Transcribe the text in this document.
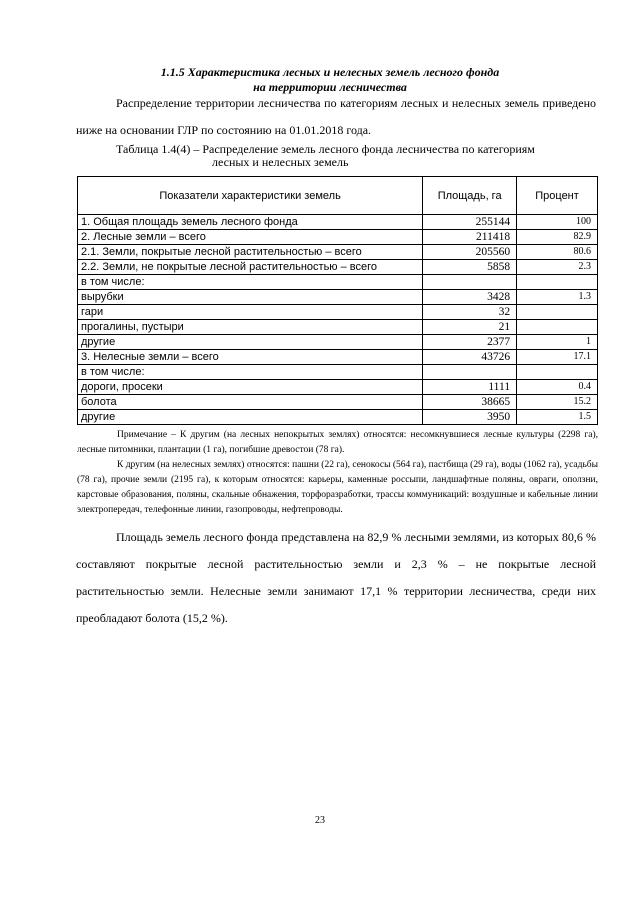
1.1.5 Характеристика лесных и нелесных земель лесного фонда
на территории лесничества

Распределение территории лесничества по категориям лесных и нелесных земель приведено ниже на основании ГЛР по состоянию на 01.01.2018 года.

Таблица 1.4(4) – Распределение земель лесного фонда лесничества по категориям
лесных и нелесных земель
Показатели характеристики земель	Площадь, га	Процент
1. Общая площадь земель лесного фонда	255144	100
2. Лесные земли – всего	211418	82.9
2.1. Земли, покрытые лесной растительностью – всего	205560	80.6
2.2. Земли, не покрытые лесной растительностью – всего	5858	2.3
в том числе:		
вырубки	3428	1.3
гари	32	
прогалины, пустыри	21	
другие	2377	1
3. Нелесные земли – всего	43726	17.1
в том числе:		
дороги, просеки	1111	0.4
болота	38665	15.2
другие	3950	1.5

Примечание – К другим (на лесных непокрытых землях) относятся: несомкнувшиеся лесные культуры (2298 га), лесные питомники, плантации (1 га), погибшие древостои (78 га).

К другим (на нелесных землях) относятся: пашни (22 га), сенокосы (564 га), пастбища (29 га), воды (1062 га), усадьбы (78 га), прочие земли (2195 га), к которым относятся: карьеры, каменные россыпи, ландшафтные поляны, овраги, оползни, карстовые образования, поляны, скальные обнажения, торфоразработки, трассы коммуникаций: воздушные и кабельные линии электропередач, телефонные линии, газопроводы, нефтепроводы.

Площадь земель лесного фонда представлена на 82,9 % лесными землями, из которых 80,6 % составляют покрытые лесной растительностью земли и 2,3 % – не покрытые лесной растительностью земли. Нелесные земли занимают 17,1 % территории лесничества, среди них преобладают болота (15,2 %).

23
